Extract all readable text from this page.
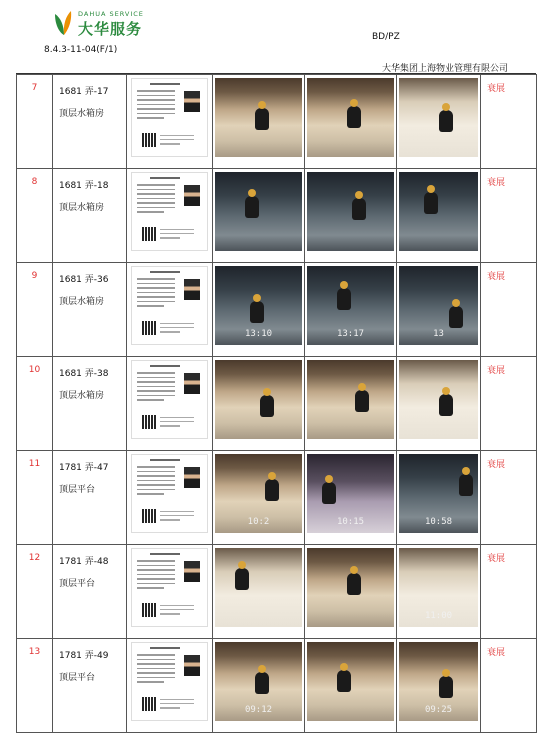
DAHUA SERVICE
大华服务
8.4.3-11-04(F/1)
BD/PZ
大华集团上海物业管理有限公司
7	1681 弄-17
顶层水箱房					衰展
8	1681 弄-18
顶层水箱房					衰展
9	1681 弄-36
顶层水箱房		13:10	13:17	13	衰展
10	1681 弄-38
顶层水箱房					衰展
11	1781 弄-47
顶层平台		10:2	10:15	10:58	衰展
12	1781 弄-48
顶层平台				11:00	衰展
13	1781 弄-49
顶层平台		09:12		09:25	衰展
